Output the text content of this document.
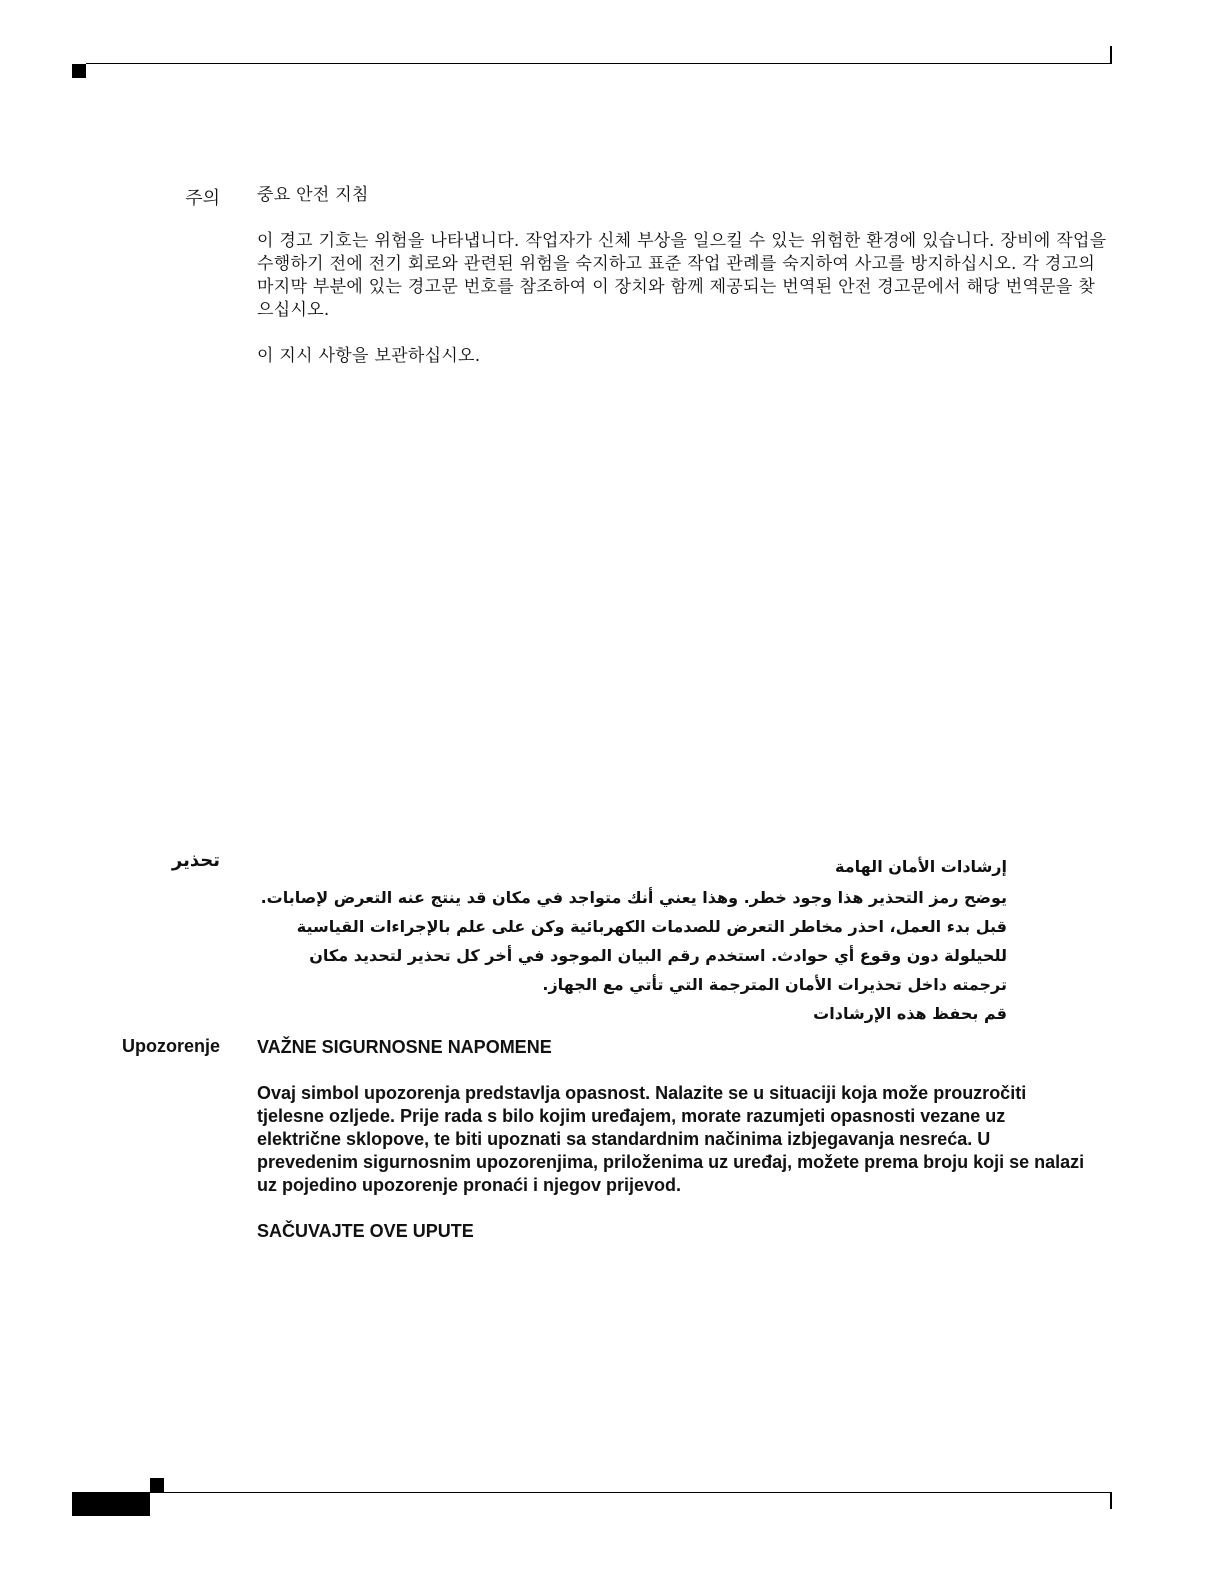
주의 중요 안전 지침

이 경고 기호는 위험을 나타냅니다. 작업자가 신체 부상을 일으킬 수 있는 위험한 환경에 있습니다. 장비에 작업을 수행하기 전에 전기 회로와 관련된 위험을 숙지하고 표준 작업 관례를 숙지하여 사고를 방지하십시오. 각 경고의 마지막 부분에 있는 경고문 번호를 참조하여 이 장치와 함께 제공되는 번역된 안전 경고문에서 해당 번역문을 찾으십시오.

이 지시 사항을 보관하십시오.

تحذير	إرشادات الأمان الهامة

يوضح رمز التحذير هذا وجود خطر. وهذا يعني أنك متواجد في مكان قد ينتج عنه التعرض لإصابات. قبل بدء العمل، احذر مخاطر التعرض للصدمات الكهربائية وكن على علم بالإجراءات القياسية للحيلولة دون وقوع أي حوادث. استخدم رقم البيان الموجود في أخر كل تحذير لتحديد مكان ترجمته داخل تحذيرات الأمان المترجمة التي تأتي مع الجهاز.

قم بحفظ هذه الإرشادات

Upozorenje VAŽNE SIGURNOSNE NAPOMENE

Ovaj simbol upozorenja predstavlja opasnost. Nalazite se u situaciji koja može prouzročiti tjelesne ozljede. Prije rada s bilo kojim uređajem, morate razumjeti opasnosti vezane uz električne sklopove, te biti upoznati sa standardnim načinima izbjegavanja nesreća. U prevedenim sigurnosnim upozorenjima, priloženima uz uređaj, možete prema broju koji se nalazi uz pojedino upozorenje pronaći i njegov prijevod.

SAČUVAJTE OVE UPUTE
